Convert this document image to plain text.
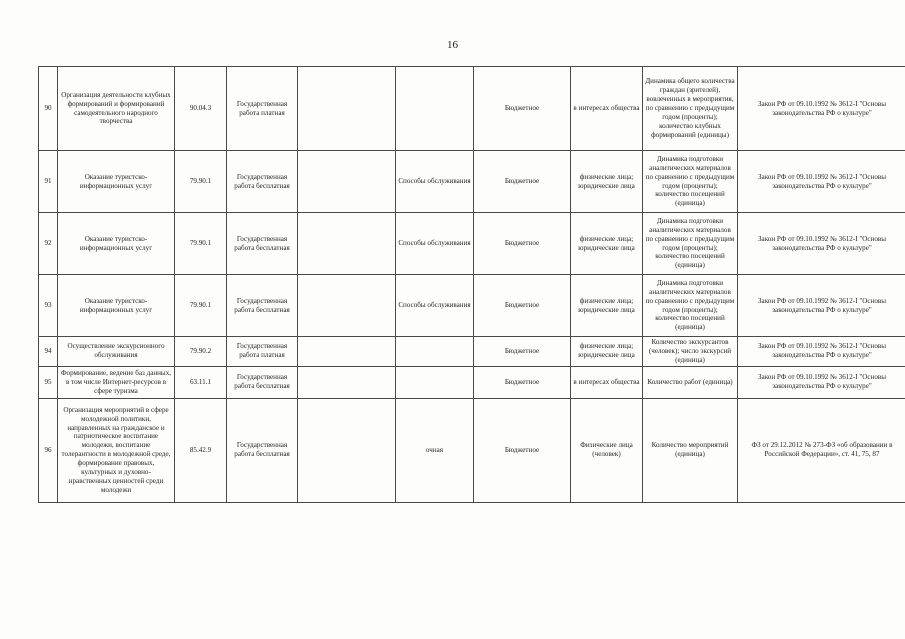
16
90	Организация деятельности клубных формирований и формирований самодеятельного народного творчества	90.04.3	Государственная работа платная			Бюджетное	в интересах общества	Динамика общего количества граждан (зрителей), вовлеченных в мероприятия, по сравнению с предыдущим годом (проценты); количество клубных формирований (единицы)	Закон РФ от 09.10.1992 № 3612-I "Основы законодательства РФ о культуре"
91	Оказание туристско-информационных услуг	79.90.1	Государственная работа бесплатная		Способы обслуживания	Бюджетное	физические лица; юридические лица	Динамика подготовки аналитических материалов по сравнению с предыдущим годом (проценты); количество посещений (единица)	Закон РФ от 09.10.1992 № 3612-I "Основы законодательства РФ о культуре"
92	Оказание туристско-информационных услуг	79.90.1	Государственная работа бесплатная		Способы обслуживания	Бюджетное	физические лица; юридические лица	Динамика подготовки аналитических материалов по сравнению с предыдущим годом (проценты); количество посещений (единица)	Закон РФ от 09.10.1992 № 3612-I "Основы законодательства РФ о культуре"
93	Оказание туристско-информационных услуг	79.90.1	Государственная работа бесплатная		Способы обслуживания	Бюджетное	физические лица; юридические лица	Динамика подготовки аналитических материалов по сравнению с предыдущим годом (проценты); количество посещений (единица)	Закон РФ от 09.10.1992 № 3612-I "Основы законодательства РФ о культуре"
94	Осуществление экскурсионного обслуживания	79.90.2	Государственная работа платная			Бюджетное	физические лица; юридические лица	Количество экскурсантов (человек); число экскурсий (единица)	Закон РФ от 09.10.1992 № 3612-I "Основы законодательства РФ о культуре"
95	Формирование, ведение баз данных, в том числе Интернет-ресурсов в сфере туризма	63.11.1	Государственная работа бесплатная			Бюджетное	в интересах общества	Количество работ (единица)	Закон РФ от 09.10.1992 № 3612-I "Основы законодательства РФ о культуре"
96	Организация мероприятий в сфере молодежной политики, направленных на гражданское и патриотическое воспитание молодежи, воспитание толерантности в молодежной среде, формирование правовых, культурных и духовно-нравственных ценностей среди молодежи	85.42.9	Государственная работа бесплатная		очная	Бюджетное	Физические лица (человек)	Количество мероприятий (единица)	ФЗ от 29.12.2012 № 273-ФЗ «об образовании в Российской Федерации», ст. 41, 75, 87
